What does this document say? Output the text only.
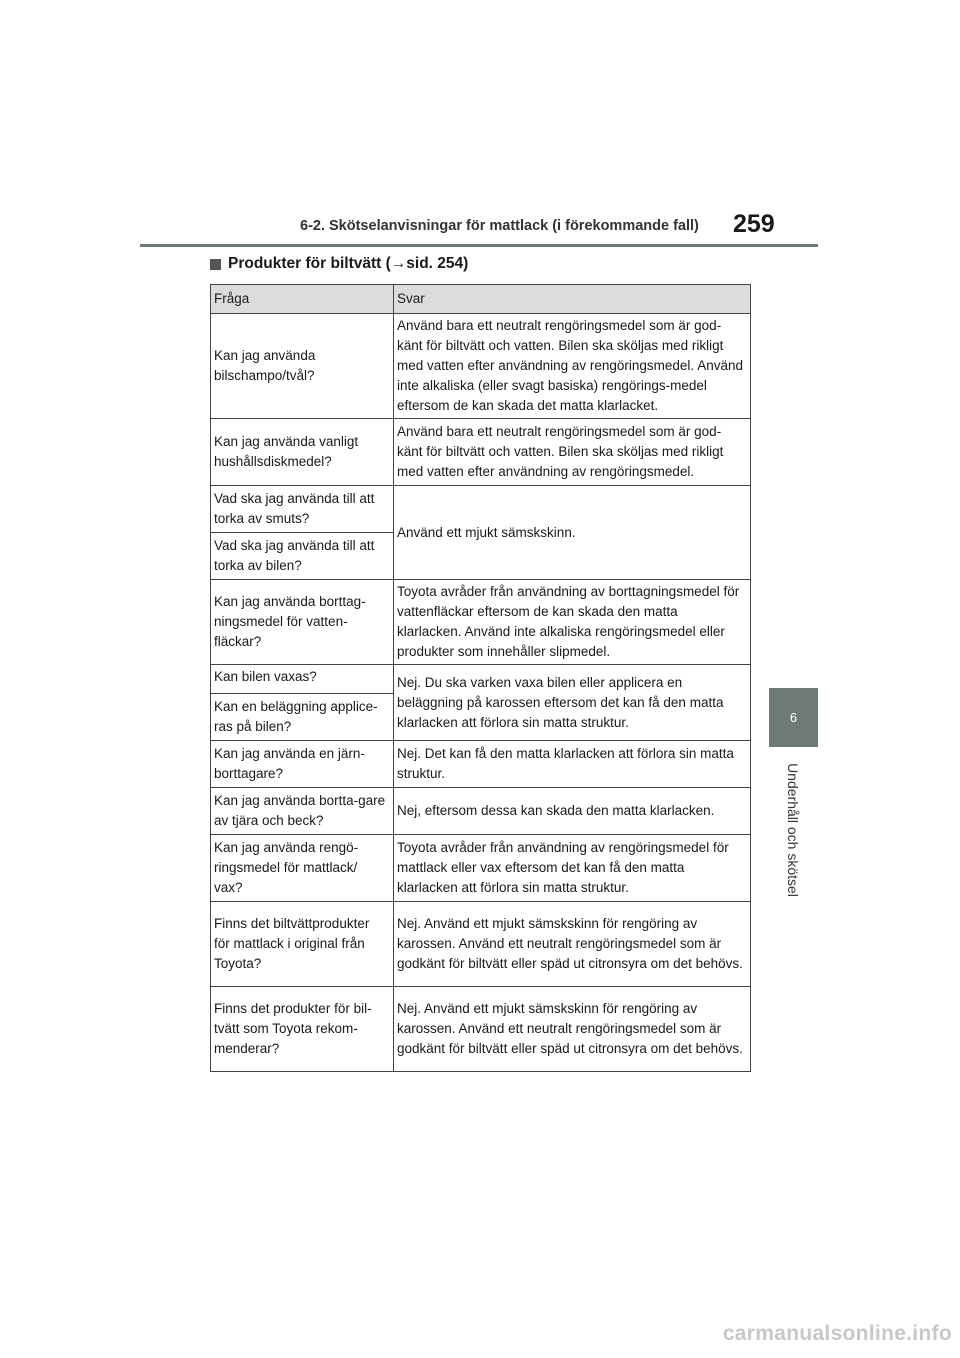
6-2. Skötselanvisningar för mattlack (i förekommande fall) 259
6
Underhåll och skötsel
Produkter för biltvätt ( → sid. 254)
Fråga	Svar
Kan jag använda bilschampo/tvål?	Använd bara ett neutralt rengöringsmedel som är god-känt för biltvätt och vatten. Bilen ska sköljas med rikligt med vatten efter användning av rengöringsmedel. Använd inte alkaliska (eller svagt basiska) rengörings-medel eftersom de kan skada det matta klarlacket.
Kan jag använda vanligt hushållsdiskmedel?	Använd bara ett neutralt rengöringsmedel som är god-känt för biltvätt och vatten. Bilen ska sköljas med rikligt med vatten efter användning av rengöringsmedel.
Vad ska jag använda till att torka av smuts?	Använd ett mjukt sämskskinn.
Vad ska jag använda till att torka av bilen?	
Kan jag använda borttag-ningsmedel för vatten-fläckar?	Toyota avråder från användning av borttagningsmedel för vattenfläckar eftersom de kan skada den matta klarlacken. Använd inte alkaliska rengöringsmedel eller produkter som innehåller slipmedel.
Kan bilen vaxas?	Nej. Du ska varken vaxa bilen eller applicera en beläggning på karossen eftersom det kan få den matta klarlacken att förlora sin matta struktur.
Kan en beläggning applice-ras på bilen?	
Kan jag använda en järn-borttagare?	Nej. Det kan få den matta klarlacken att förlora sin matta struktur.
Kan jag använda bortta-gare av tjära och beck?	Nej, eftersom dessa kan skada den matta klarlacken.
Kan jag använda rengö-ringsmedel för mattlack/ vax?	Toyota avråder från användning av rengöringsmedel för mattlack eller vax eftersom det kan få den matta klarlacken att förlora sin matta struktur.
Finns det biltvättprodukter för mattlack i original från Toyota?	Nej. Använd ett mjukt sämskskinn för rengöring av karossen. Använd ett neutralt rengöringsmedel som är godkänt för biltvätt eller späd ut citronsyra om det behövs.
Finns det produkter för bil-tvätt som Toyota rekom-menderar?	Nej. Använd ett mjukt sämskskinn för rengöring av karossen. Använd ett neutralt rengöringsmedel som är godkänt för biltvätt eller späd ut citronsyra om det behövs.
carmanualsonline.info
